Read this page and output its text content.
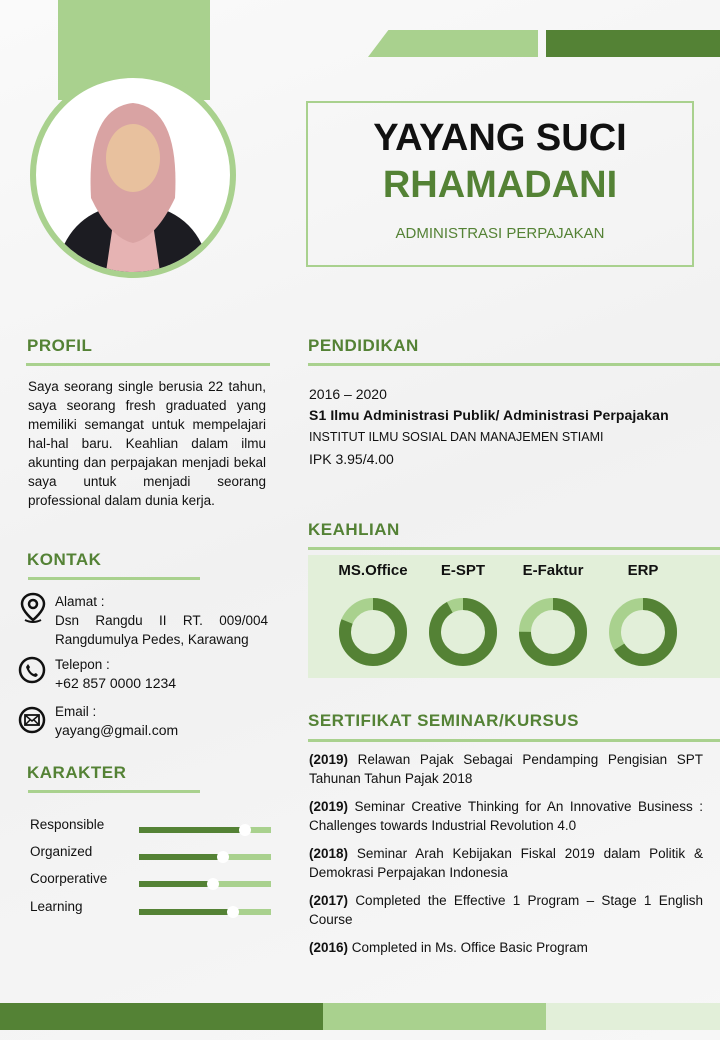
YAYANG SUCI
RHAMADANI
ADMINISTRASI PERPAJAKAN
PROFIL
Saya seorang single berusia 22 tahun, saya seorang fresh graduated yang memiliki semangat untuk mempelajari hal-hal baru. Keahlian dalam ilmu akunting dan perpajakan menjadi bekal saya untuk menjadi seorang professional dalam dunia kerja.
KONTAK
Alamat :
Dsn Rangdu II RT. 009/004 Rangdumulya Pedes, Karawang
Telepon :
+62 857 0000 1234
Email :
yayang@gmail.com
KARAKTER
Responsible
Organized
Coorperative
Learning
PENDIDIKAN
2016 – 2020
S1 Ilmu Administrasi Publik/ Administrasi Perpajakan
INSTITUT ILMU SOSIAL DAN MANAJEMEN STIAMI
IPK 3.95/4.00
KEAHLIAN
MS.Office	E-SPT	E-Faktur	ERP
SERTIFIKAT SEMINAR/KURSUS
(2019) Relawan Pajak Sebagai Pendamping Pengisian SPT Tahunan Tahun Pajak 2018
(2019) Seminar Creative Thinking for An Innovative Business : Challenges towards Industrial Revolution 4.0
(2018) Seminar Arah Kebijakan Fiskal 2019 dalam Politik & Demokrasi Perpajakan Indonesia
(2017) Completed the Effective 1 Program – Stage 1 English Course
(2016) Completed in Ms. Office Basic Program
